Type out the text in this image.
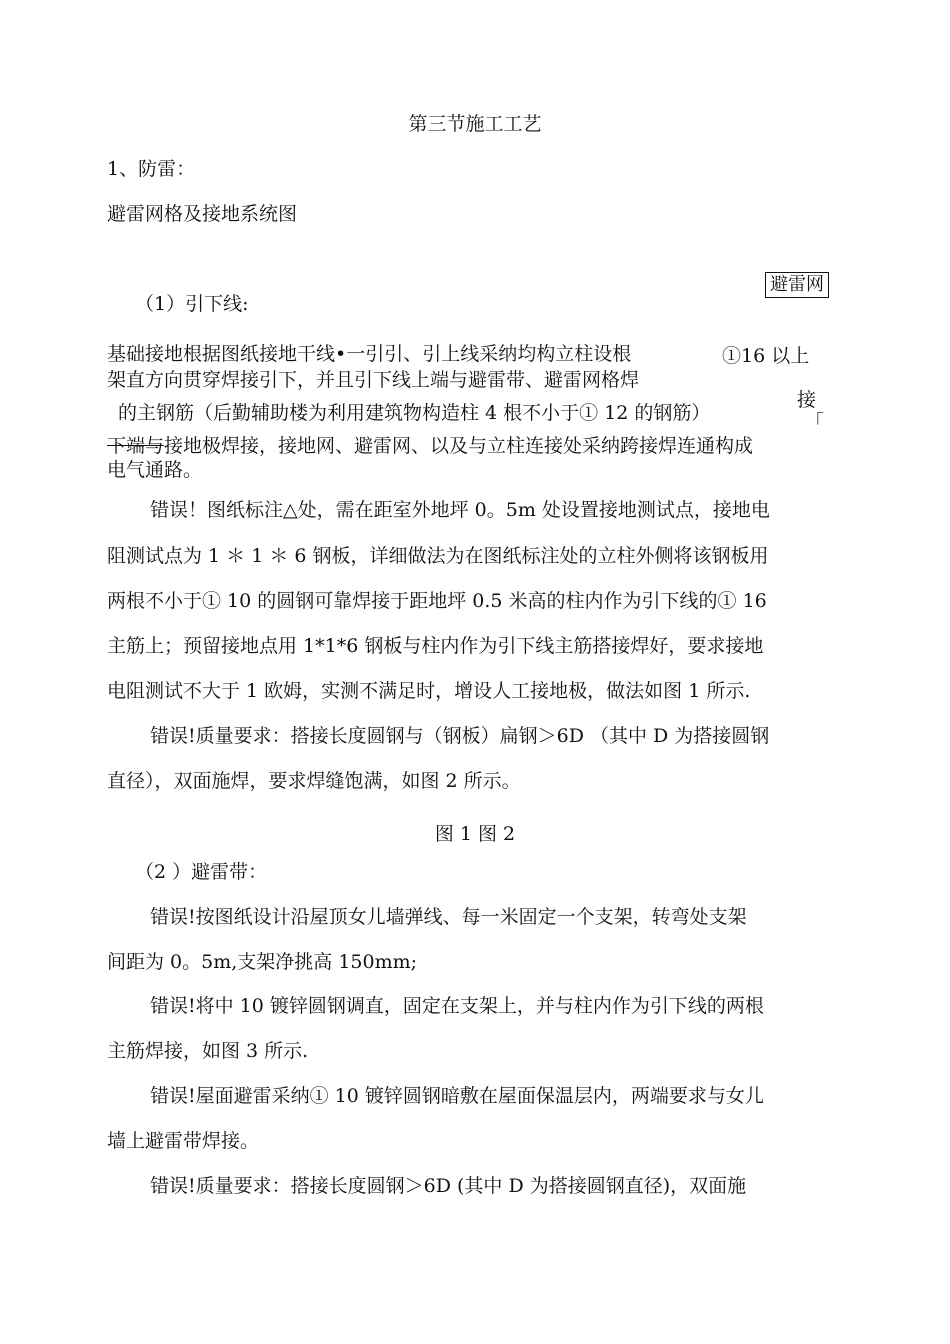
第三节施工工艺
1、防雷：
避雷网格及接地系统图
避雷网
（1）引下线:
基础接地根据图纸接地干线•一引引、引上线采纳均构立柱设根
架直方向贯穿焊接引下，并且引下线上端与避雷带、避雷网格焊
①16 以上
接
的主钢筋（后勤辅助楼为利用建筑物构造柱 4 根不小于① 12 的钢筋）	「
下端与 接地极焊接，接地网、避雷网、以及与立柱连接处采纳跨接焊连通构成
电气通路。
错误！图纸标注△处，需在距室外地坪 0。5m 处设置接地测试点，接地电
阻测试点为 1 ＊ 1 ＊ 6 钢板，详细做法为在图纸标注处的立柱外侧将该钢板用
两根不小于① 10 的圆钢可靠焊接于距地坪 0.5 米高的柱内作为引下线的① 16
主筋上；预留接地点用 1*1*6 钢板与柱内作为引下线主筋搭接焊好，要求接地
电阻测试不大于 1 欧姆，实测不满足时，增设人工接地极，做法如图 1 所示.
错误!质量要求：搭接长度圆钢与（钢板）扁钢＞6D （其中 D 为搭接圆钢
直径），双面施焊，要求焊缝饱满，如图 2 所示。
图 1 图 2
（2 ）避雷带：
错误!按图纸设计沿屋顶女儿墙弹线、每一米固定一个支架，转弯处支架
间距为 0。5m,支架净挑高 150mm;
错误!将中 10 镀锌圆钢调直，固定在支架上，并与柱内作为引下线的两根
主筋焊接，如图 3 所示.
错误!屋面避雷采纳① 10 镀锌圆钢暗敷在屋面保温层内，两端要求与女儿
墙上避雷带焊接。
错误!质量要求：搭接长度圆钢＞6D (其中 D 为搭接圆钢直径)，双面施
